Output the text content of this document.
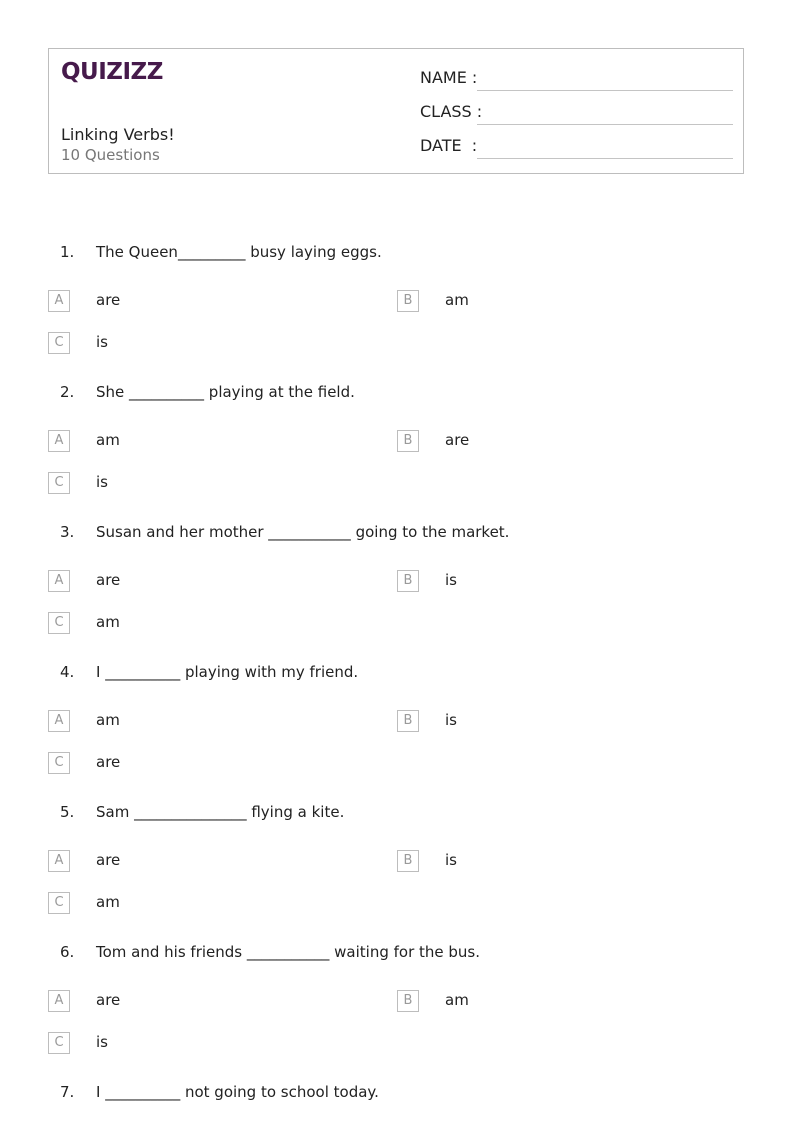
QUIZIZZ
Linking Verbs!
10 Questions
NAME :
CLASS :
DATE  :
1. The Queen_________ busy laying eggs.
A	are	B	am
C	is
2. She __________ playing at the field.
A	am	B	are
C	is
3. Susan and her mother ___________ going to the market.
A	are	B	is
C	am
4. I __________ playing with my friend.
A	am	B	is
C	are
5. Sam _______________ flying a kite.
A	are	B	is
C	am
6. Tom and his friends ___________ waiting for the bus.
A	are	B	am
C	is
7. I __________ not going to school today.
